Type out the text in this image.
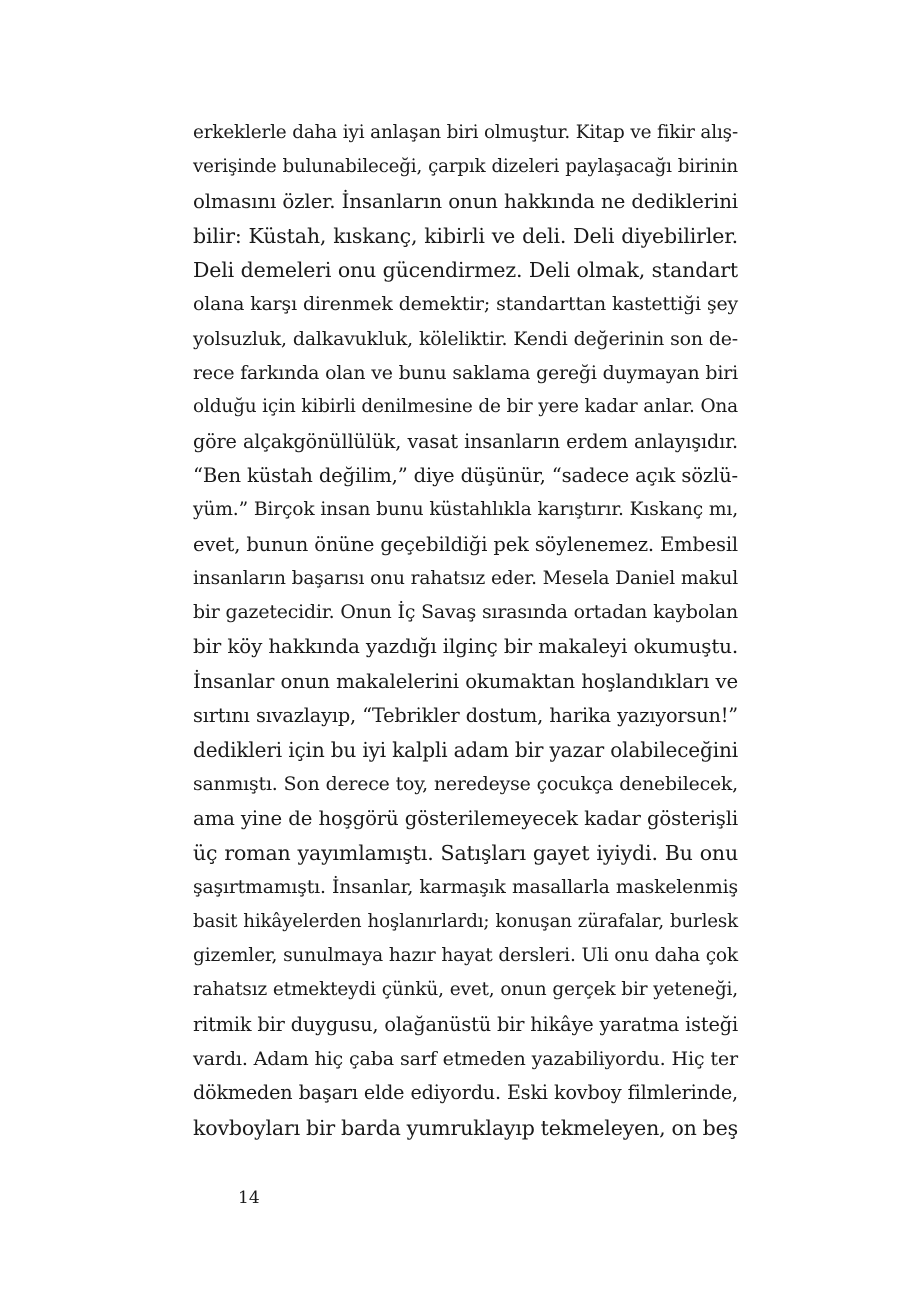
erkeklerle daha iyi anlaşan biri olmuştur. Kitap ve fikir alış-
verişinde bulunabileceği, çarpık dizeleri paylaşacağı birinin
olmasını özler. İnsanların onun hakkında ne dediklerini
bilir: Küstah, kıskanç, kibirli ve deli. Deli diyebilirler.
Deli demeleri onu gücendirmez. Deli olmak, standart
olana karşı direnmek demektir; standarttan kastettiği şey
yolsuzluk, dalkavukluk, köleliktir. Kendi değerinin son de-
rece farkında olan ve bunu saklama gereği duymayan biri
olduğu için kibirli denilmesine de bir yere kadar anlar. Ona
göre alçakgönüllülük, vasat insanların erdem anlayışıdır.
“Ben küstah değilim,” diye düşünür, “sadece açık sözlü-
yüm.” Birçok insan bunu küstahlıkla karıştırır. Kıskanç mı,
evet, bunun önüne geçebildiği pek söylenemez. Embesil
insanların başarısı onu rahatsız eder. Mesela Daniel makul
bir gazetecidir. Onun İç Savaş sırasında ortadan kaybolan
bir köy hakkında yazdığı ilginç bir makaleyi okumuştu.
İnsanlar onun makalelerini okumaktan hoşlandıkları ve
sırtını sıvazlayıp, “Tebrikler dostum, harika yazıyorsun!”
dedikleri için bu iyi kalpli adam bir yazar olabileceğini
sanmıştı. Son derece toy, neredeyse çocukça denebilecek,
ama yine de hoşgörü gösterilemeyecek kadar gösterişli
üç roman yayımlamıştı. Satışları gayet iyiydi. Bu onu
şaşırtmamıştı. İnsanlar, karmaşık masallarla maskelenmiş
basit hikâyelerden hoşlanırlardı; konuşan zürafalar, burlesk
gizemler, sunulmaya hazır hayat dersleri. Uli onu daha çok
rahatsız etmekteydi çünkü, evet, onun gerçek bir yeteneği,
ritmik bir duygusu, olağanüstü bir hikâye yaratma isteği
vardı. Adam hiç çaba sarf etmeden yazabiliyordu. Hiç ter
dökmeden başarı elde ediyordu. Eski kovboy filmlerinde,
kovboyları bir barda yumruklayıp tekmeleyen, on beş
14
